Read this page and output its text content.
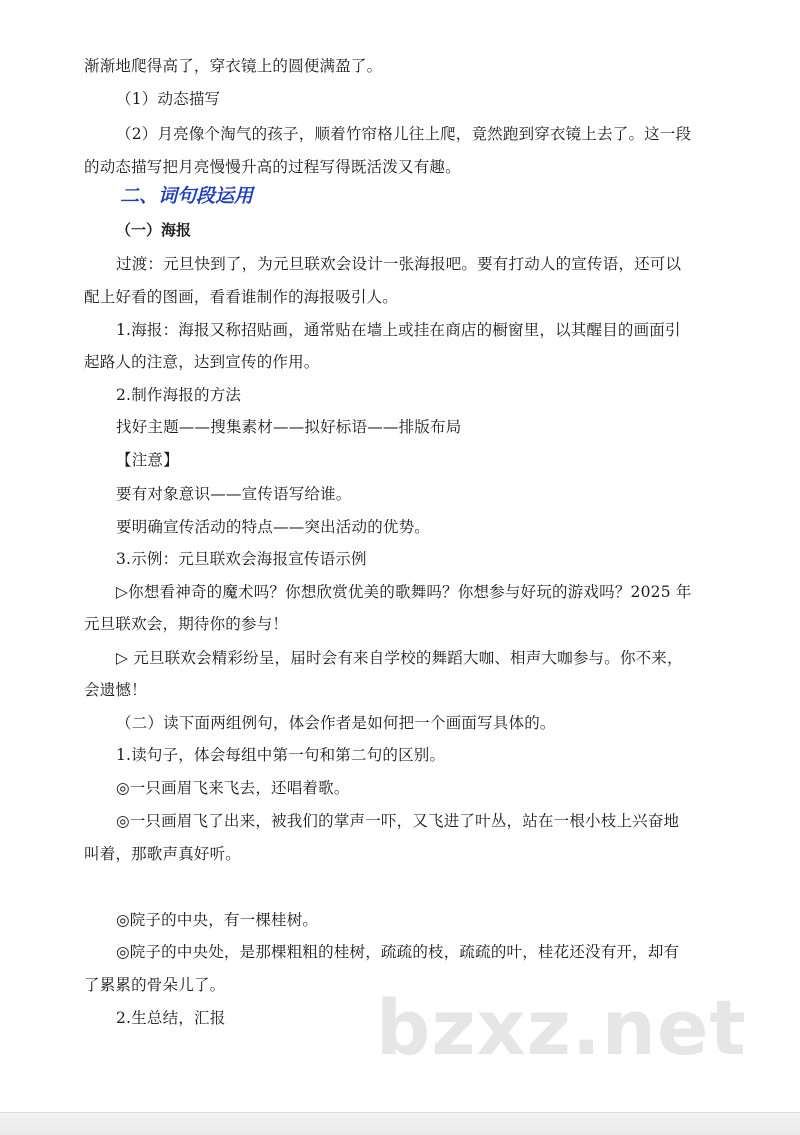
渐渐地爬得高了，穿衣镜上的圆便满盈了。
（1）动态描写
（2）月亮像个淘气的孩子，顺着竹帘格儿往上爬，竟然跑到穿衣镜上去了。这一段
的动态描写把月亮慢慢升高的过程写得既活泼又有趣。
二、词句段运用
（一）海报
过渡：元旦快到了，为元旦联欢会设计一张海报吧。要有打动人的宣传语，还可以
配上好看的图画，看看谁制作的海报吸引人。
1.海报：海报又称招贴画，通常贴在墙上或挂在商店的橱窗里，以其醒目的画面引
起路人的注意，达到宣传的作用。
2.制作海报的方法
找好主题——搜集素材——拟好标语——排版布局
【注意】
要有对象意识——宣传语写给谁。
要明确宣传活动的特点——突出活动的优势。
3.示例：元旦联欢会海报宣传语示例
▷你想看神奇的魔术吗？你想欣赏优美的歌舞吗？你想参与好玩的游戏吗？2025 年
元旦联欢会，期待你的参与！
▷ 元旦联欢会精彩纷呈，届时会有来自学校的舞蹈大咖、相声大咖参与。你不来，
会遗憾！
（二）读下面两组例句，体会作者是如何把一个画面写具体的。
1.读句子，体会每组中第一句和第二句的区别。
◎一只画眉飞来飞去，还唱着歌。
◎一只画眉飞了出来，被我们的掌声一吓，又飞进了叶丛，站在一根小枝上兴奋地
叫着，那歌声真好听。
◎院子的中央，有一棵桂树。
◎院子的中央处，是那棵粗粗的桂树，疏疏的枝，疏疏的叶，桂花还没有开，却有
了累累的骨朵儿了。
2.生总结，汇报 bzxz.net
